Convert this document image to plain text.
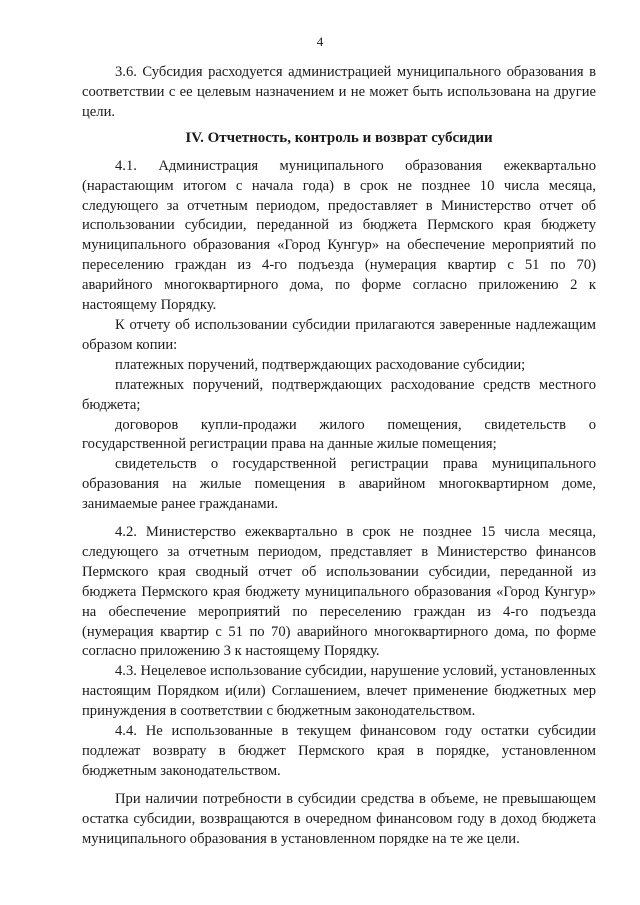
4

3.6. Субсидия расходуется администрацией муниципального образования в соответствии с ее целевым назначением и не может быть использована на другие цели.

IV. Отчетность, контроль и возврат субсидии

4.1. Администрация муниципального образования ежеквартально (нарастающим итогом с начала года) в срок не позднее 10 числа месяца, следующего за отчетным периодом, предоставляет в Министерство отчет об использовании субсидии, переданной из бюджета Пермского края бюджету муниципального образования «Город Кунгур» на обеспечение мероприятий по переселению граждан из 4-го подъезда (нумерация квартир с 51 по 70) аварийного многоквартирного дома, по форме согласно приложению 2 к настоящему Порядку.

К отчету об использовании субсидии прилагаются заверенные надлежащим образом копии:

платежных поручений, подтверждающих расходование субсидии;

платежных поручений, подтверждающих расходование средств местного бюджета;

договоров купли-продажи жилого помещения, свидетельств о государственной регистрации права на данные жилые помещения;

свидетельств о государственной регистрации права муниципального образования на жилые помещения в аварийном многоквартирном доме, занимаемые ранее гражданами.

4.2. Министерство ежеквартально в срок не позднее 15 числа месяца, следующего за отчетным периодом, представляет в Министерство финансов Пермского края сводный отчет об использовании субсидии, переданной из бюджета Пермского края бюджету муниципального образования «Город Кунгур» на обеспечение мероприятий по переселению граждан из 4-го подъезда (нумерация квартир с 51 по 70) аварийного многоквартирного дома, по форме согласно приложению 3 к настоящему Порядку.

4.3. Нецелевое использование субсидии, нарушение условий, установленных настоящим Порядком и(или) Соглашением, влечет применение бюджетных мер принуждения в соответствии с бюджетным законодательством.

4.4. Не использованные в текущем финансовом году остатки субсидии подлежат возврату в бюджет Пермского края в порядке, установленном бюджетным законодательством.

При наличии потребности в субсидии средства в объеме, не превышающем остатка субсидии, возвращаются в очередном финансовом году в доход бюджета муниципального образования в установленном порядке на те же цели.
